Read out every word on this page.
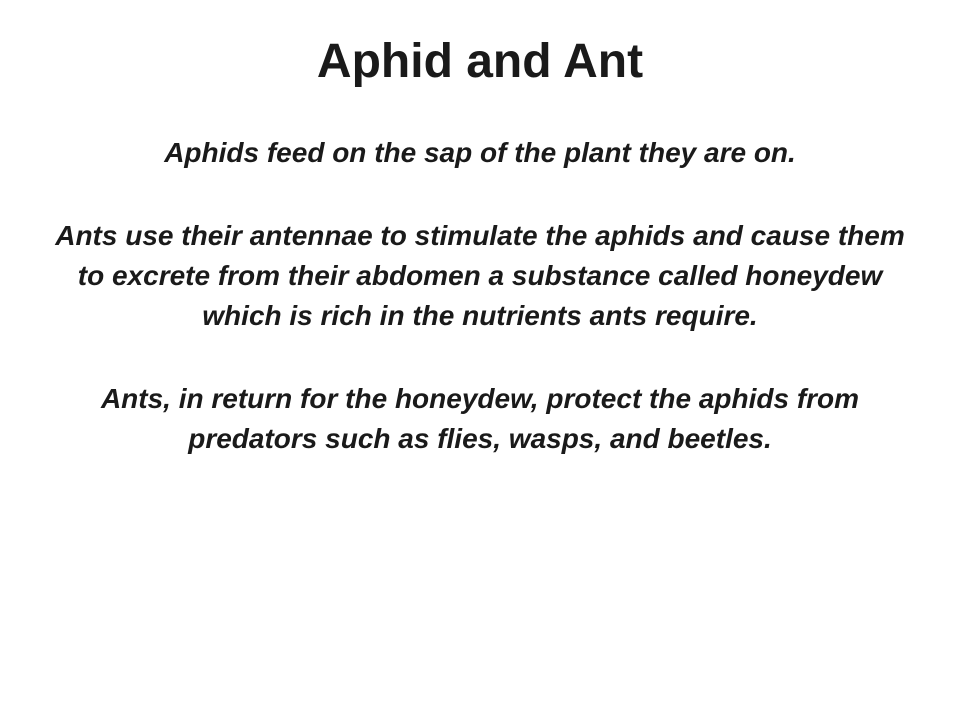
Aphid and Ant

Aphids feed on the sap of the plant they are on.

Ants use their antennae to stimulate the aphids and cause them to excrete from their abdomen a substance called honeydew which is rich in the nutrients ants require.

Ants, in return for the honeydew, protect the aphids from predators such as flies, wasps, and beetles.
